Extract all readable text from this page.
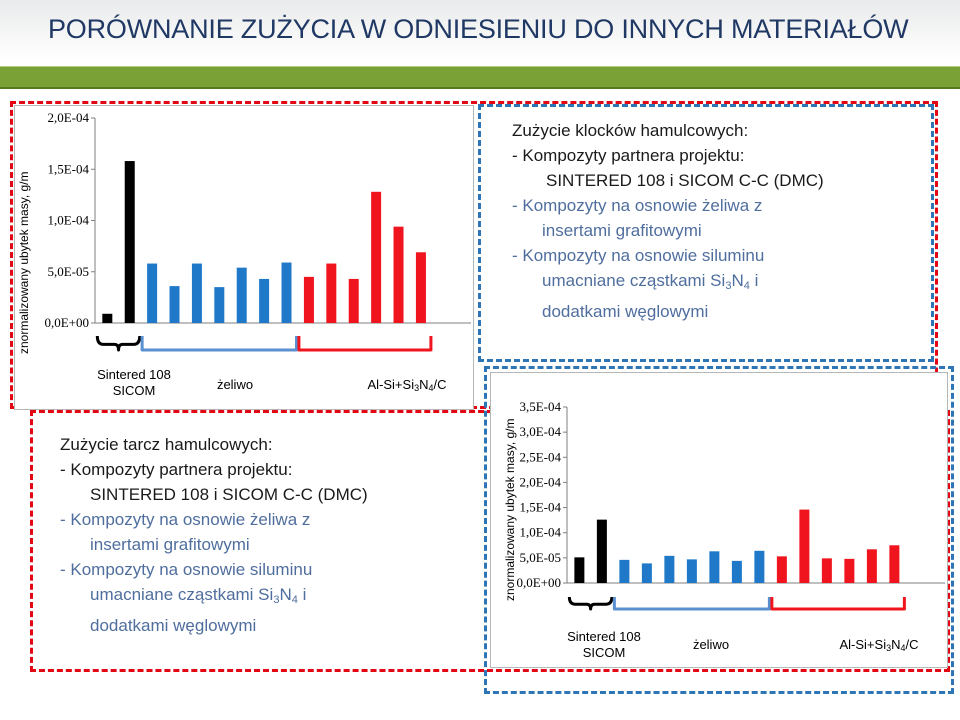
PORÓWNANIE ZUŻYCIA W ODNIESIENIU DO INNYCH MATERIAŁÓW
znormalizowany ubytek masy, g/m 0,0E+00
5,0E-05
1,0E-04
1,5E-04
2,0E-04
Sintered 108
SICOM	żeliwo	$Al-Si+Si_3N_4/C$
Zużycie klocków hamulcowych:
- Kompozyty partnera projektu:
SINTERED 108 i SICOM C-C (DMC)
- Kompozyty na osnowie żeliwa z
insertami grafitowymi
- Kompozyty na osnowie siluminu
umacniane cząstkami $Si_3N_4$ i
dodatkami węglowymi
Zużycie tarcz hamulcowych:
- Kompozyty partnera projektu:
SINTERED 108 i SICOM C-C (DMC)
- Kompozyty na osnowie żeliwa z
insertami grafitowymi
- Kompozyty na osnowie siluminu
umacniane cząstkami $Si_3N_4$ i
dodatkami węglowymi
znormalizowany ubytek masy, g/m 0,0E+00
5,0E-05
1,0E-04
1,5E-04
2,0E-04
2,5E-04
3,0E-04
3,5E-04
Sintered 108
SICOM
żeliwo	$Al-Si+Si_3N_4/C$
